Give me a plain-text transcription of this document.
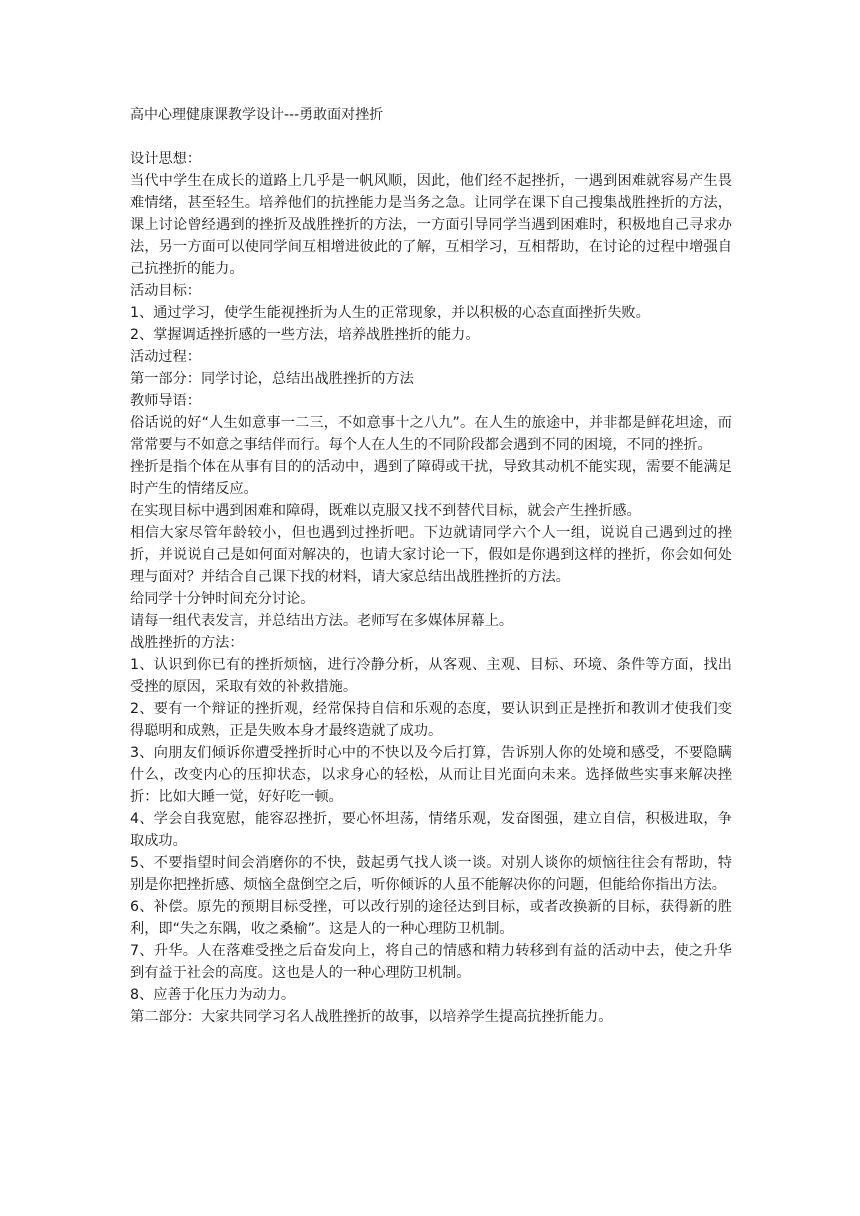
高中心理健康课教学设计---勇敢面对挫折

设计思想：

当代中学生在成长的道路上几乎是一帆风顺，因此，他们经不起挫折，一遇到困难就容易产生畏难情绪，甚至轻生。培养他们的抗挫能力是当务之急。让同学在课下自己搜集战胜挫折的方法，课上讨论曾经遇到的挫折及战胜挫折的方法，一方面引导同学当遇到困难时，积极地自己寻求办法，另一方面可以使同学间互相增进彼此的了解，互相学习，互相帮助，在讨论的过程中增强自己抗挫折的能力。

活动目标：

1、通过学习，使学生能视挫折为人生的正常现象，并以积极的心态直面挫折失败。

2、掌握调适挫折感的一些方法，培养战胜挫折的能力。

活动过程：

第一部分：同学讨论，总结出战胜挫折的方法

教师导语：

俗话说的好“人生如意事一二三，不如意事十之八九”。在人生的旅途中，并非都是鲜花坦途，而常常要与不如意之事结伴而行。每个人在人生的不同阶段都会遇到不同的困境，不同的挫折。

挫折是指个体在从事有目的的活动中，遇到了障碍或干扰，导致其动机不能实现，需要不能满足时产生的情绪反应。

在实现目标中遇到困难和障碍，既难以克服又找不到替代目标，就会产生挫折感。

相信大家尽管年龄较小，但也遇到过挫折吧。下边就请同学六个人一组，说说自己遇到过的挫折，并说说自己是如何面对解决的，也请大家讨论一下，假如是你遇到这样的挫折，你会如何处理与面对？并结合自己课下找的材料，请大家总结出战胜挫折的方法。

给同学十分钟时间充分讨论。

请每一组代表发言，并总结出方法。老师写在多媒体屏幕上。

战胜挫折的方法：

1、认识到你已有的挫折烦恼，进行冷静分析，从客观、主观、目标、环境、条件等方面，找出受挫的原因，采取有效的补救措施。

2、要有一个辩证的挫折观，经常保持自信和乐观的态度，要认识到正是挫折和教训才使我们变得聪明和成熟，正是失败本身才最终造就了成功。

3、向朋友们倾诉你遭受挫折时心中的不快以及今后打算，告诉别人你的处境和感受，不要隐瞒什么，改变内心的压抑状态，以求身心的轻松，从而让目光面向未来。选择做些实事来解决挫折：比如大睡一觉，好好吃一顿。

4、学会自我宽慰，能容忍挫折，要心怀坦荡，情绪乐观，发奋图强，建立自信，积极进取，争取成功。

5、不要指望时间会消磨你的不快，鼓起勇气找人谈一谈。对别人谈你的烦恼往往会有帮助，特别是你把挫折感、烦恼全盘倒空之后，听你倾诉的人虽不能解决你的问题，但能给你指出方法。

6、补偿。原先的预期目标受挫，可以改行别的途径达到目标，或者改换新的目标，获得新的胜利，即“失之东隅，收之桑榆”。这是人的一种心理防卫机制。

7、升华。人在落难受挫之后奋发向上，将自己的情感和精力转移到有益的活动中去，使之升华到有益于社会的高度。这也是人的一种心理防卫机制。

8、应善于化压力为动力。

第二部分：大家共同学习名人战胜挫折的故事，以培养学生提高抗挫折能力。
